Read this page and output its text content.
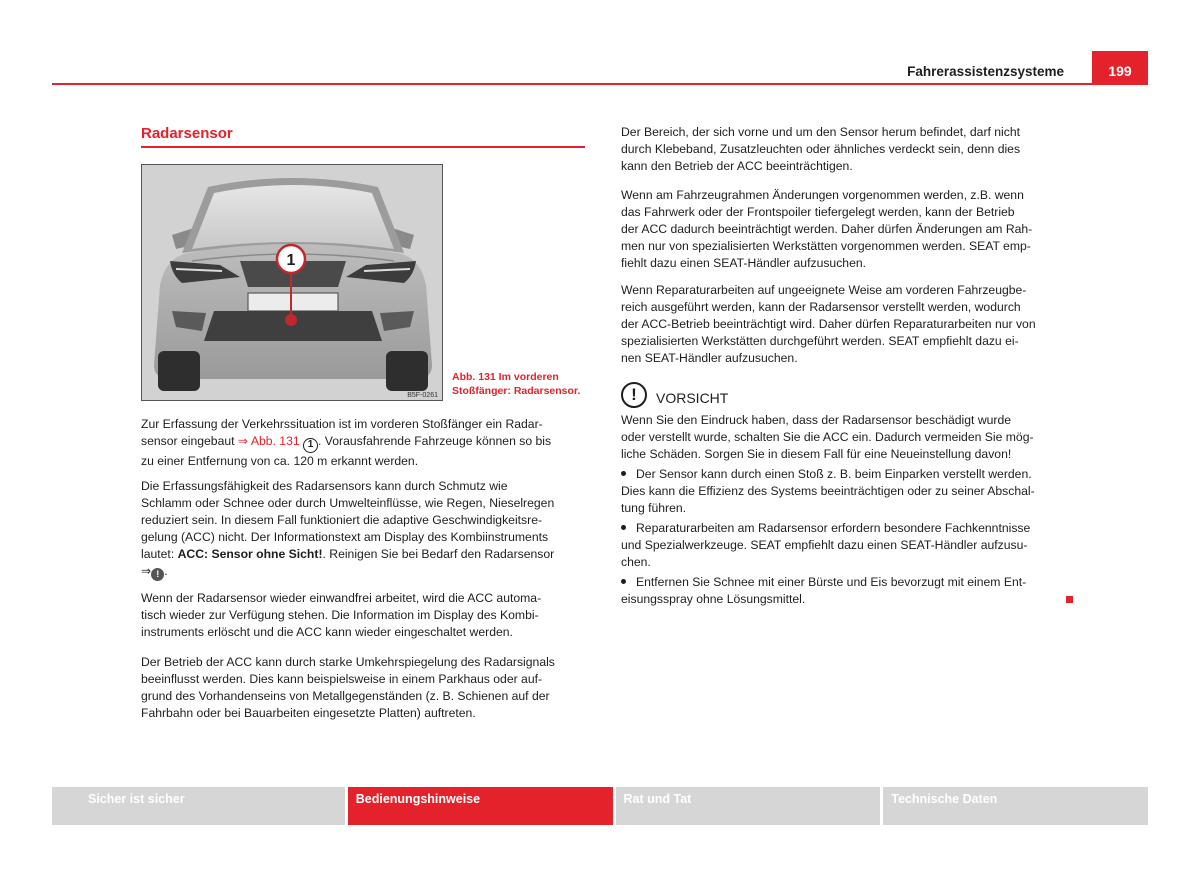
Fahrerassistenzsysteme	199
Radarsensor
1
B5F-0261
Abb. 131 Im vorderen
Stoßfänger: Radarsensor.

Zur Erfassung der Verkehrssituation ist im vorderen Stoßfänger ein Radar-
sensor eingebaut ⇒ Abb. 131 1 . Vorausfahrende Fahrzeuge können so bis
zu einer Entfernung von ca. 120 m erkannt werden.

Die Erfassungsfähigkeit des Radarsensors kann durch Schmutz wie
Schlamm oder Schnee oder durch Umwelteinflüsse, wie Regen, Nieselregen
reduziert sein. In diesem Fall funktioniert die adaptive Geschwindigkeitsre-
gelung (ACC) nicht. Der Informationstext am Display des Kombiinstruments
lautet: ACC: Sensor ohne Sicht!. Reinigen Sie bei Bedarf den Radarsensor
⇒ ! .

Wenn der Radarsensor wieder einwandfrei arbeitet, wird die ACC automa-
tisch wieder zur Verfügung stehen. Die Information im Display des Kombi-
instruments erlöscht und die ACC kann wieder eingeschaltet werden.

Der Betrieb der ACC kann durch starke Umkehrspiegelung des Radarsignals
beeinflusst werden. Dies kann beispielsweise in einem Parkhaus oder auf-
grund des Vorhandenseins von Metallgegenständen (z. B. Schienen auf der
Fahrbahn oder bei Bauarbeiten eingesetzte Platten) auftreten.

Der Bereich, der sich vorne und um den Sensor herum befindet, darf nicht
durch Klebeband, Zusatzleuchten oder ähnliches verdeckt sein, denn dies
kann den Betrieb der ACC beeinträchtigen.

Wenn am Fahrzeugrahmen Änderungen vorgenommen werden, z.B. wenn
das Fahrwerk oder der Frontspoiler tiefergelegt werden, kann der Betrieb
der ACC dadurch beeinträchtigt werden. Daher dürfen Änderungen am Rah-
men nur von spezialisierten Werkstätten vorgenommen werden. SEAT emp-
fiehlt dazu einen SEAT-Händler aufzusuchen.

Wenn Reparaturarbeiten auf ungeeignete Weise am vorderen Fahrzeugbe-
reich ausgeführt werden, kann der Radarsensor verstellt werden, wodurch
der ACC-Betrieb beeinträchtigt wird. Daher dürfen Reparaturarbeiten nur von
spezialisierten Werkstätten durchgeführt werden. SEAT empfiehlt dazu ei-
nen SEAT-Händler aufzusuchen.

!	VORSICHT

Wenn Sie den Eindruck haben, dass der Radarsensor beschädigt wurde
oder verstellt wurde, schalten Sie die ACC ein. Dadurch vermeiden Sie mög-
liche Schäden. Sorgen Sie in diesem Fall für eine Neueinstellung davon!

Der Sensor kann durch einen Stoß z. B. beim Einparken verstellt werden.
Dies kann die Effizienz des Systems beeinträchtigen oder zu seiner Abschal-
tung führen.

Reparaturarbeiten am Radarsensor erfordern besondere Fachkenntnisse
und Spezialwerkzeuge. SEAT empfiehlt dazu einen SEAT-Händler aufzusu-
chen.

Entfernen Sie Schnee mit einer Bürste und Eis bevorzugt mit einem Ent-
eisungsspray ohne Lösungsmittel.

Sicher ist sicher	Bedienungshinweise	Rat und Tat	Technische Daten
